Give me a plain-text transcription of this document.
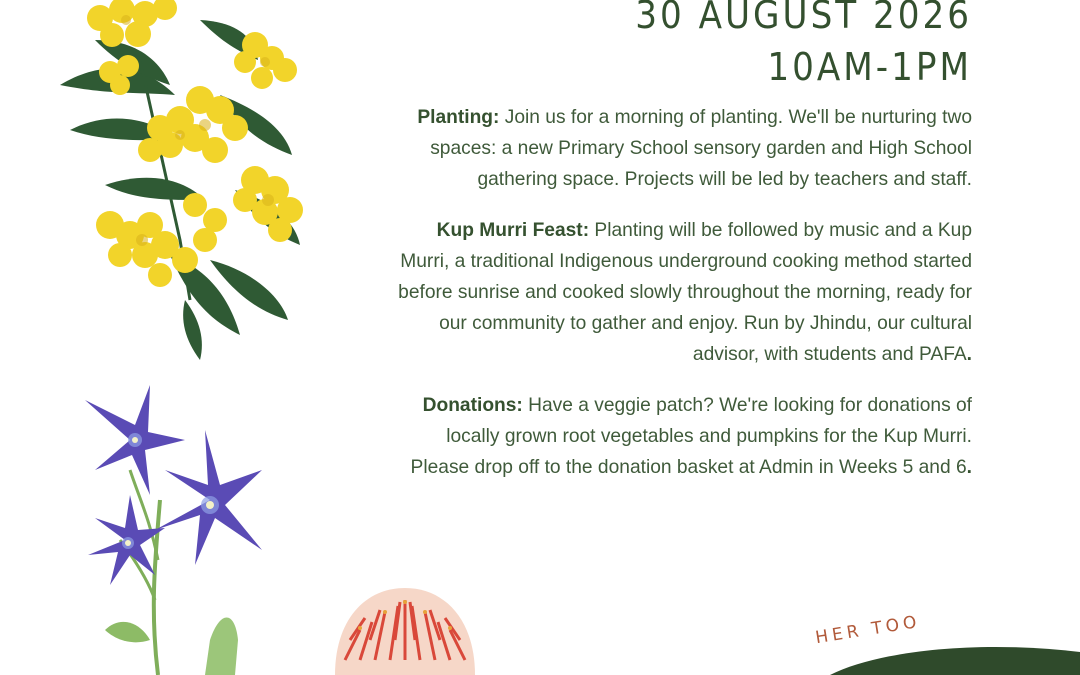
30 AUGUST 2026
10AM-1PM

Planting: Join us for a morning of planting. We'll be nurturing two spaces: a new Primary School sensory garden and High School gathering space. Projects will be led by teachers and staff.

Kup Murri Feast: Planting will be followed by music and a Kup Murri, a traditional Indigenous underground cooking method started before sunrise and cooked slowly throughout the morning, ready for our community to gather and enjoy. Run by Jhindu, our cultural advisor, with students and PAFA.

Donations: Have a veggie patch? We're looking for donations of locally grown root vegetables and pumpkins for the Kup Murri. Please drop off to the donation basket at Admin in Weeks 5 and 6.

HER TOO
